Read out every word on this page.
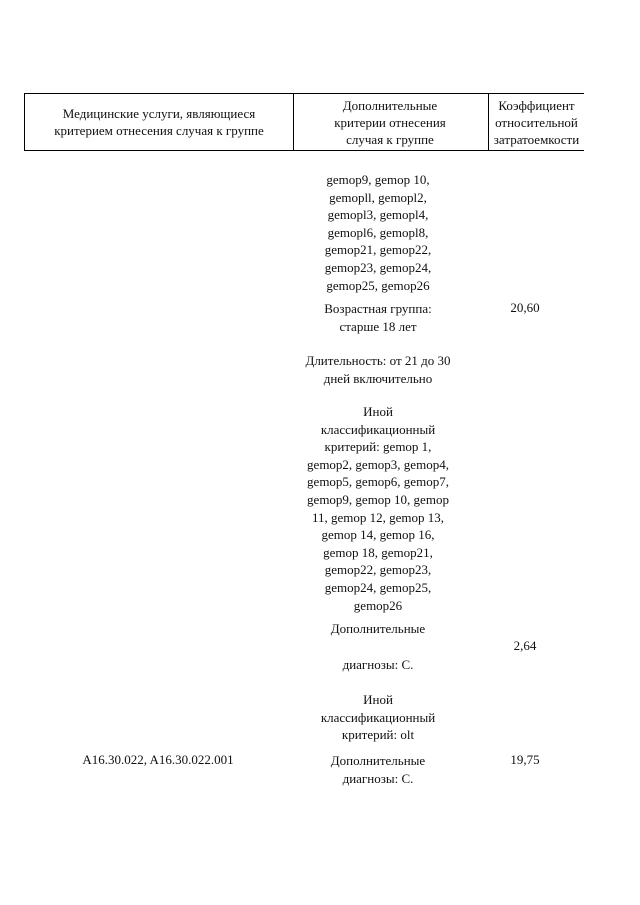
Медицинские услуги, являющиеся
критерием отнесения случая к группе
Дополнительные
критерии отнесения
случая к группе
Коэффициент
относительной
затратоемкости
gemop9, gemop 10,
gemopll, gemopl2,
gemopl3, gemopl4,
gemopl6, gemopl8,
gemop21, gemop22,
gemop23, gemop24,
gemop25, gemop26
Возрастная группа:
старше 18 лет
20,60
Длительность: от 21 до 30
дней включительно
Иной
классификационный
критерий: gemop 1,
gemop2, gemop3, gemop4,
gemop5, gemop6, gemop7,
gemop9, gemop 10, gemop
11, gemop 12, gemop 13,
gemop 14, gemop 16,
gemop 18, gemop21,
gemop22, gemop23,
gemop24, gemop25,
gemop26
Дополнительные
2,64
диагнозы: С.
Иной
классификационный
критерий: olt
A16.30.022, A16.30.022.001	Дополнительные
диагнозы: С.
19,75
